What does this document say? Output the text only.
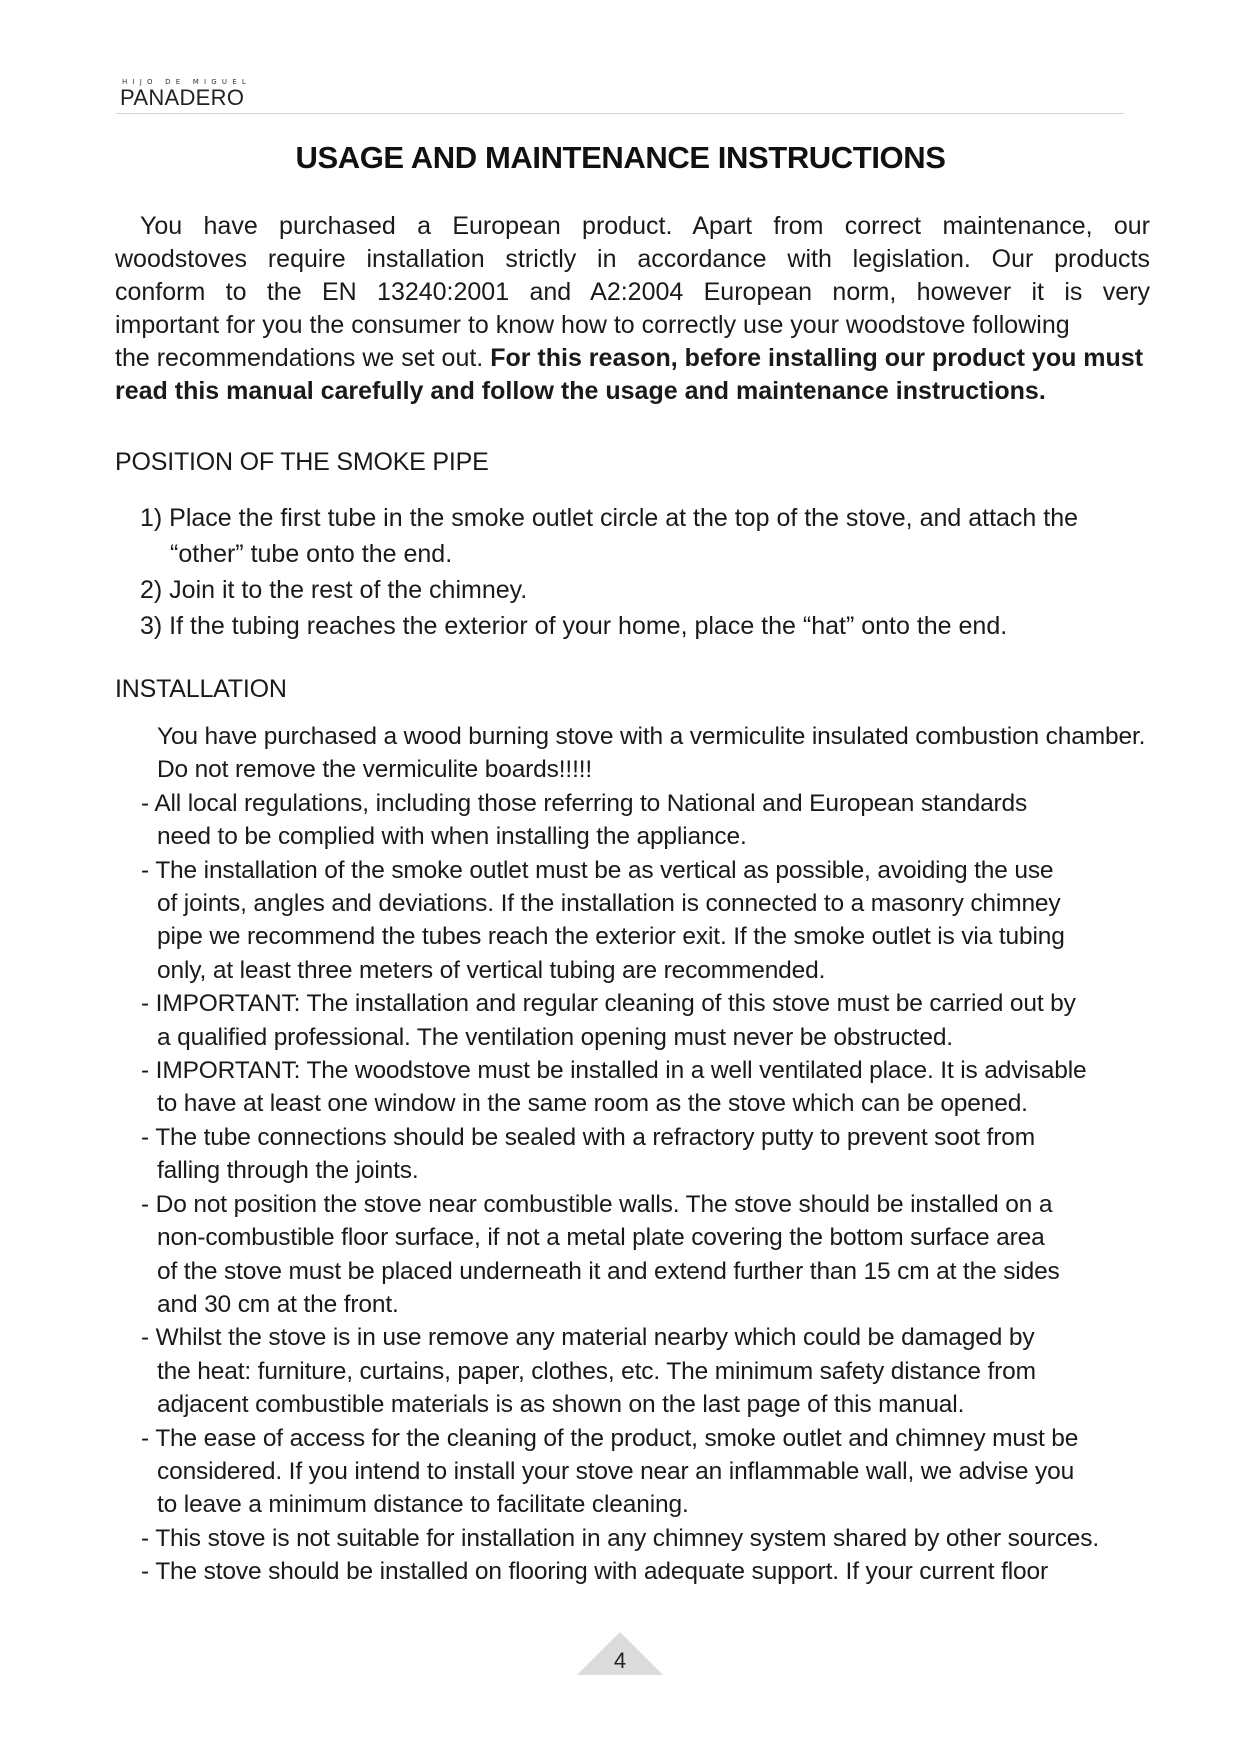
HIJO DE MIGUEL
PANADERO
USAGE AND MAINTENANCE INSTRUCTIONS
You have purchased a European product. Apart from correct maintenance, our
woodstoves require installation strictly in accordance with legislation. Our products
conform to the EN 13240:2001 and A2:2004 European norm, however it is very
important for you the consumer to know how to correctly use your woodstove following
the recommendations we set out. For this reason, before installing our product you must
read this manual carefully and follow the usage and maintenance instructions.
POSITION OF THE SMOKE PIPE
1) Place the first tube in the smoke outlet circle at the top of the stove, and attach the
“other” tube onto the end.
2) Join it to the rest of the chimney.
3) If the tubing reaches the exterior of your home, place the “hat” onto the end.
INSTALLATION
You have purchased a wood burning stove with a vermiculite insulated combustion chamber.
Do not remove the vermiculite boards!!!!!
- All local regulations, including those referring to National and European standards
need to be complied with when installing the appliance.
- The installation of the smoke outlet must be as vertical as possible, avoiding the use
of joints, angles and deviations. If the installation is connected to a masonry chimney
pipe we recommend the tubes reach the exterior exit. If the smoke outlet is via tubing
only, at least three meters of vertical tubing are recommended.
- IMPORTANT: The installation and regular cleaning of this stove must be carried out by
a qualified professional. The ventilation opening must never be obstructed.
- IMPORTANT: The woodstove must be installed in a well ventilated place. It is advisable
to have at least one window in the same room as the stove which can be opened.
- The tube connections should be sealed with a refractory putty to prevent soot from
falling through the joints.
- Do not position the stove near combustible walls. The stove should be installed on a
non-combustible floor surface, if not a metal plate covering the bottom surface area
of the stove must be placed underneath it and extend further than 15 cm at the sides
and 30 cm at the front.
- Whilst the stove is in use remove any material nearby which could be damaged by
the heat: furniture, curtains, paper, clothes, etc. The minimum safety distance from
adjacent combustible materials is as shown on the last page of this manual.
- The ease of access for the cleaning of the product, smoke outlet and chimney must be
considered. If you intend to install your stove near an inflammable wall, we advise you
to leave a minimum distance to facilitate cleaning.
- This stove is not suitable for installation in any chimney system shared by other sources.
- The stove should be installed on flooring with adequate support. If your current floor
4
